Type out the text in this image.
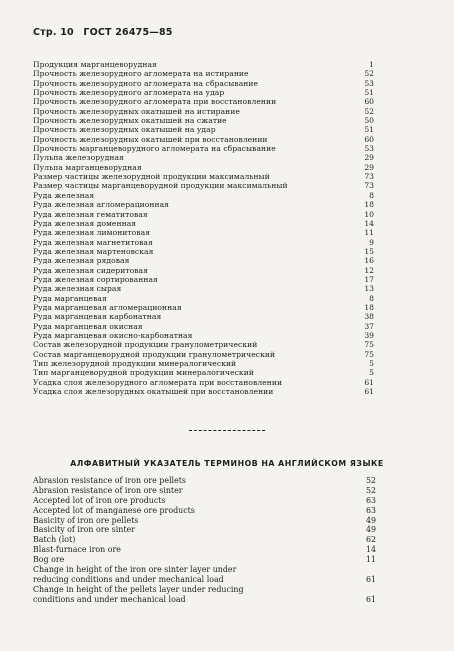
Стр. 10 ГОСТ 26475—85
Продукция марганцеворудная	1
Прочность железорудного агломерата на истирание	52
Прочность железорудного агломерата на сбрасывание	53
Прочность железорудного агломерата на удар	51
Прочность железорудного агломерата при восстановлении	60
Прочность железорудных окатышей на истирание	52
Прочность железорудных окатышей на сжатие	50
Прочность железорудных окатышей на удар	51
Прочность железорудных окатышей при восстановлении	60
Прочность марганцеворудного агломерата на сбрасывание	53
Пульпа железорудная	29
Пульпа марганцеворудная	29
Размер частицы железорудной продукции максимальный	73
Размер частицы марганцеворудной продукции максимальный	73
Руда железная	8
Руда железная агломерационная	18
Руда железная гематитовая	10
Руда железная доменная	14
Руда железная лимонитовая	11
Руда железная магнетитовая	9
Руда железная мартеновская	15
Руда железная рядовая	16
Руда железная сидеритовая	12
Руда железная сортированная	17
Руда железная сырая	13
Руда марганцевая	8
Руда марганцевая агломерационная	18
Руда марганцевая карбонатная	38
Руда марганцевая окисная	37
Руда марганцевая окисно-карбонатная	39
Состав железорудной продукции гранулометрический	75
Состав марганцеворудной продукции гранулометрический	75
Тип железорудной продукции минералогический	5
Тип марганцеворудной продукции минералогический	5
Усадка слоя железорудного агломерата при восстановлении	61
Усадка слоя железорудных окатышей при восстановлении	61
АЛФАВИТНЫЙ УКАЗАТЕЛЬ ТЕРМИНОВ НА АНГЛИЙСКОМ ЯЗЫКЕ
Abrasion resistance of iron ore pellets	52
Abrasion resistance of iron ore sinter	52
Accepted lot of iron ore products	63
Accepted lot of manganese ore products	63
Basicity of iron ore pellets	49
Basicity of iron ore sinter	49
Batch (lot)	62
Blast-furnace iron ore	14
Bog ore	11
Change in height of the iron ore sinter layer under
reducing conditions and under mechanical load	61
Change in height of the pellets layer under reducing
conditions and under mechanical load	61
